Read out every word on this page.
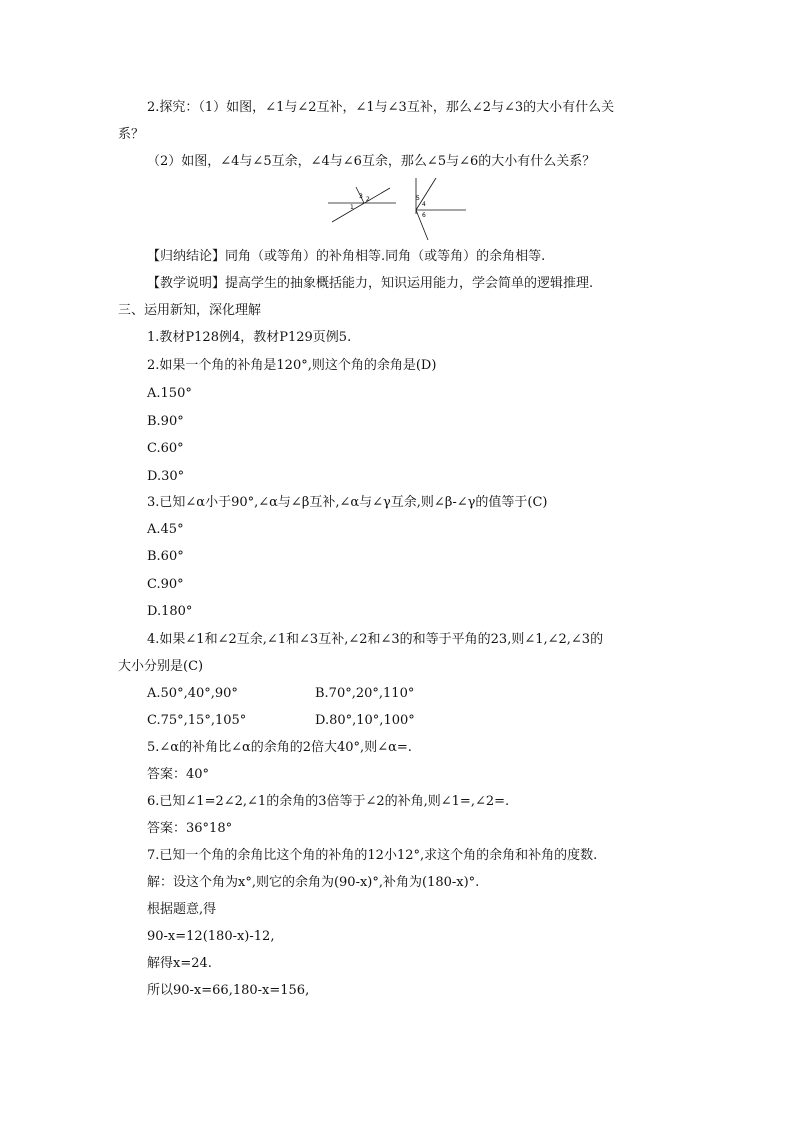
2.探究：（1）如图，∠1与∠2互补，∠1与∠3互补，那么∠2与∠3的大小有什么关
系？
（2）如图，∠4与∠5互余，∠4与∠6互余，那么∠5与∠6的大小有什么关系？
1
2
3
4
5
6
【归纳结论】同角（或等角）的补角相等.同角（或等角）的余角相等.
【教学说明】提高学生的抽象概括能力，知识运用能力，学会简单的逻辑推理.
三、运用新知，深化理解
1.教材P128例4，教材P129页例5.
2.如果一个角的补角是120°,则这个角的余角是(D)
A.150°
B.90°
C.60°
D.30°
3.已知∠α小于90°,∠α与∠β互补,∠α与∠γ互余,则∠β-∠γ的值等于(C)
A.45°
B.60°
C.90°
D.180°
4.如果∠1和∠2互余,∠1和∠3互补,∠2和∠3的和等于平角的23,则∠1,∠2,∠3的
大小分别是(C)
A.50°,40°,90°	B.70°,20°,110°
C.75°,15°,105°	D.80°,10°,100°
5.∠α的补角比∠α的余角的2倍大40°,则∠α=.
答案：40°
6.已知∠1=2∠2,∠1的余角的3倍等于∠2的补角,则∠1=,∠2=.
答案：36°18°
7.已知一个角的余角比这个角的补角的12小12°,求这个角的余角和补角的度数.
解：设这个角为x°,则它的余角为(90-x)°,补角为(180-x)°.
根据题意,得
90-x=12(180-x)-12,
解得x=24.
所以90-x=66,180-x=156,
